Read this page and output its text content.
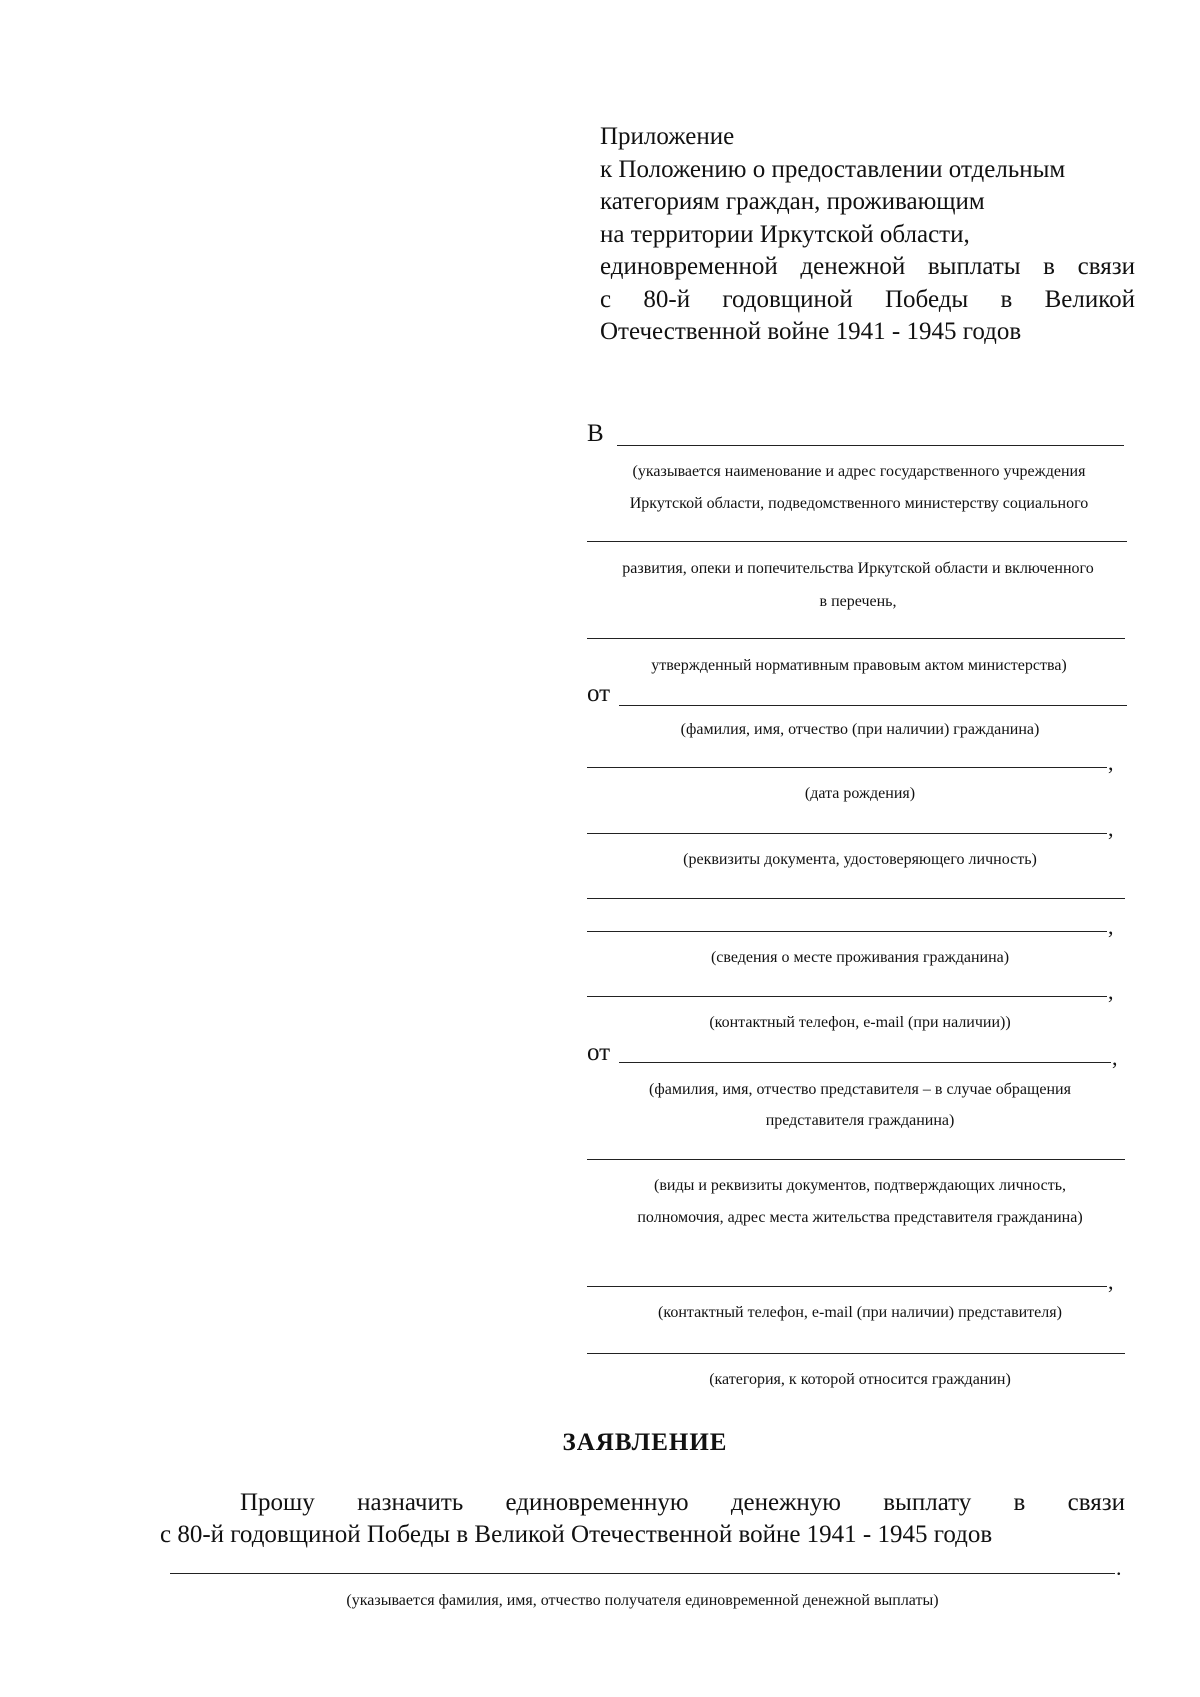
Приложение
к Положению о предоставлении отдельным
категориям граждан, проживающим
на территории Иркутской области,
единовременной денежной выплаты в связи
с 80-й годовщиной Победы в Великой
Отечественной войне 1941 - 1945 годов
В
(указывается наименование и адрес государственного учреждения
Иркутской области, подведомственного министерству социального
развития, опеки и попечительства Иркутской области и включенного
в перечень,
утвержденный нормативным правовым актом министерства)
от
(фамилия, имя, отчество (при наличии) гражданина)
,
(дата рождения)
,
(реквизиты документа, удостоверяющего личность)
,
(сведения о месте проживания гражданина)
,
(контактный телефон, e-mail (при наличии))
от	,
(фамилия, имя, отчество представителя – в случае обращения
представителя гражданина)
(виды и реквизиты документов, подтверждающих личность,
полномочия, адрес места жительства представителя гражданина)
,
(контактный телефон, e-mail (при наличии) представителя)
(категория, к которой относится гражданин)
ЗАЯВЛЕНИЕ
Прошу назначить единовременную денежную выплату в связи
с 80-й годовщиной Победы в Великой Отечественной войне 1941 - 1945 годов
.
(указывается фамилия, имя, отчество получателя единовременной денежной выплаты)
